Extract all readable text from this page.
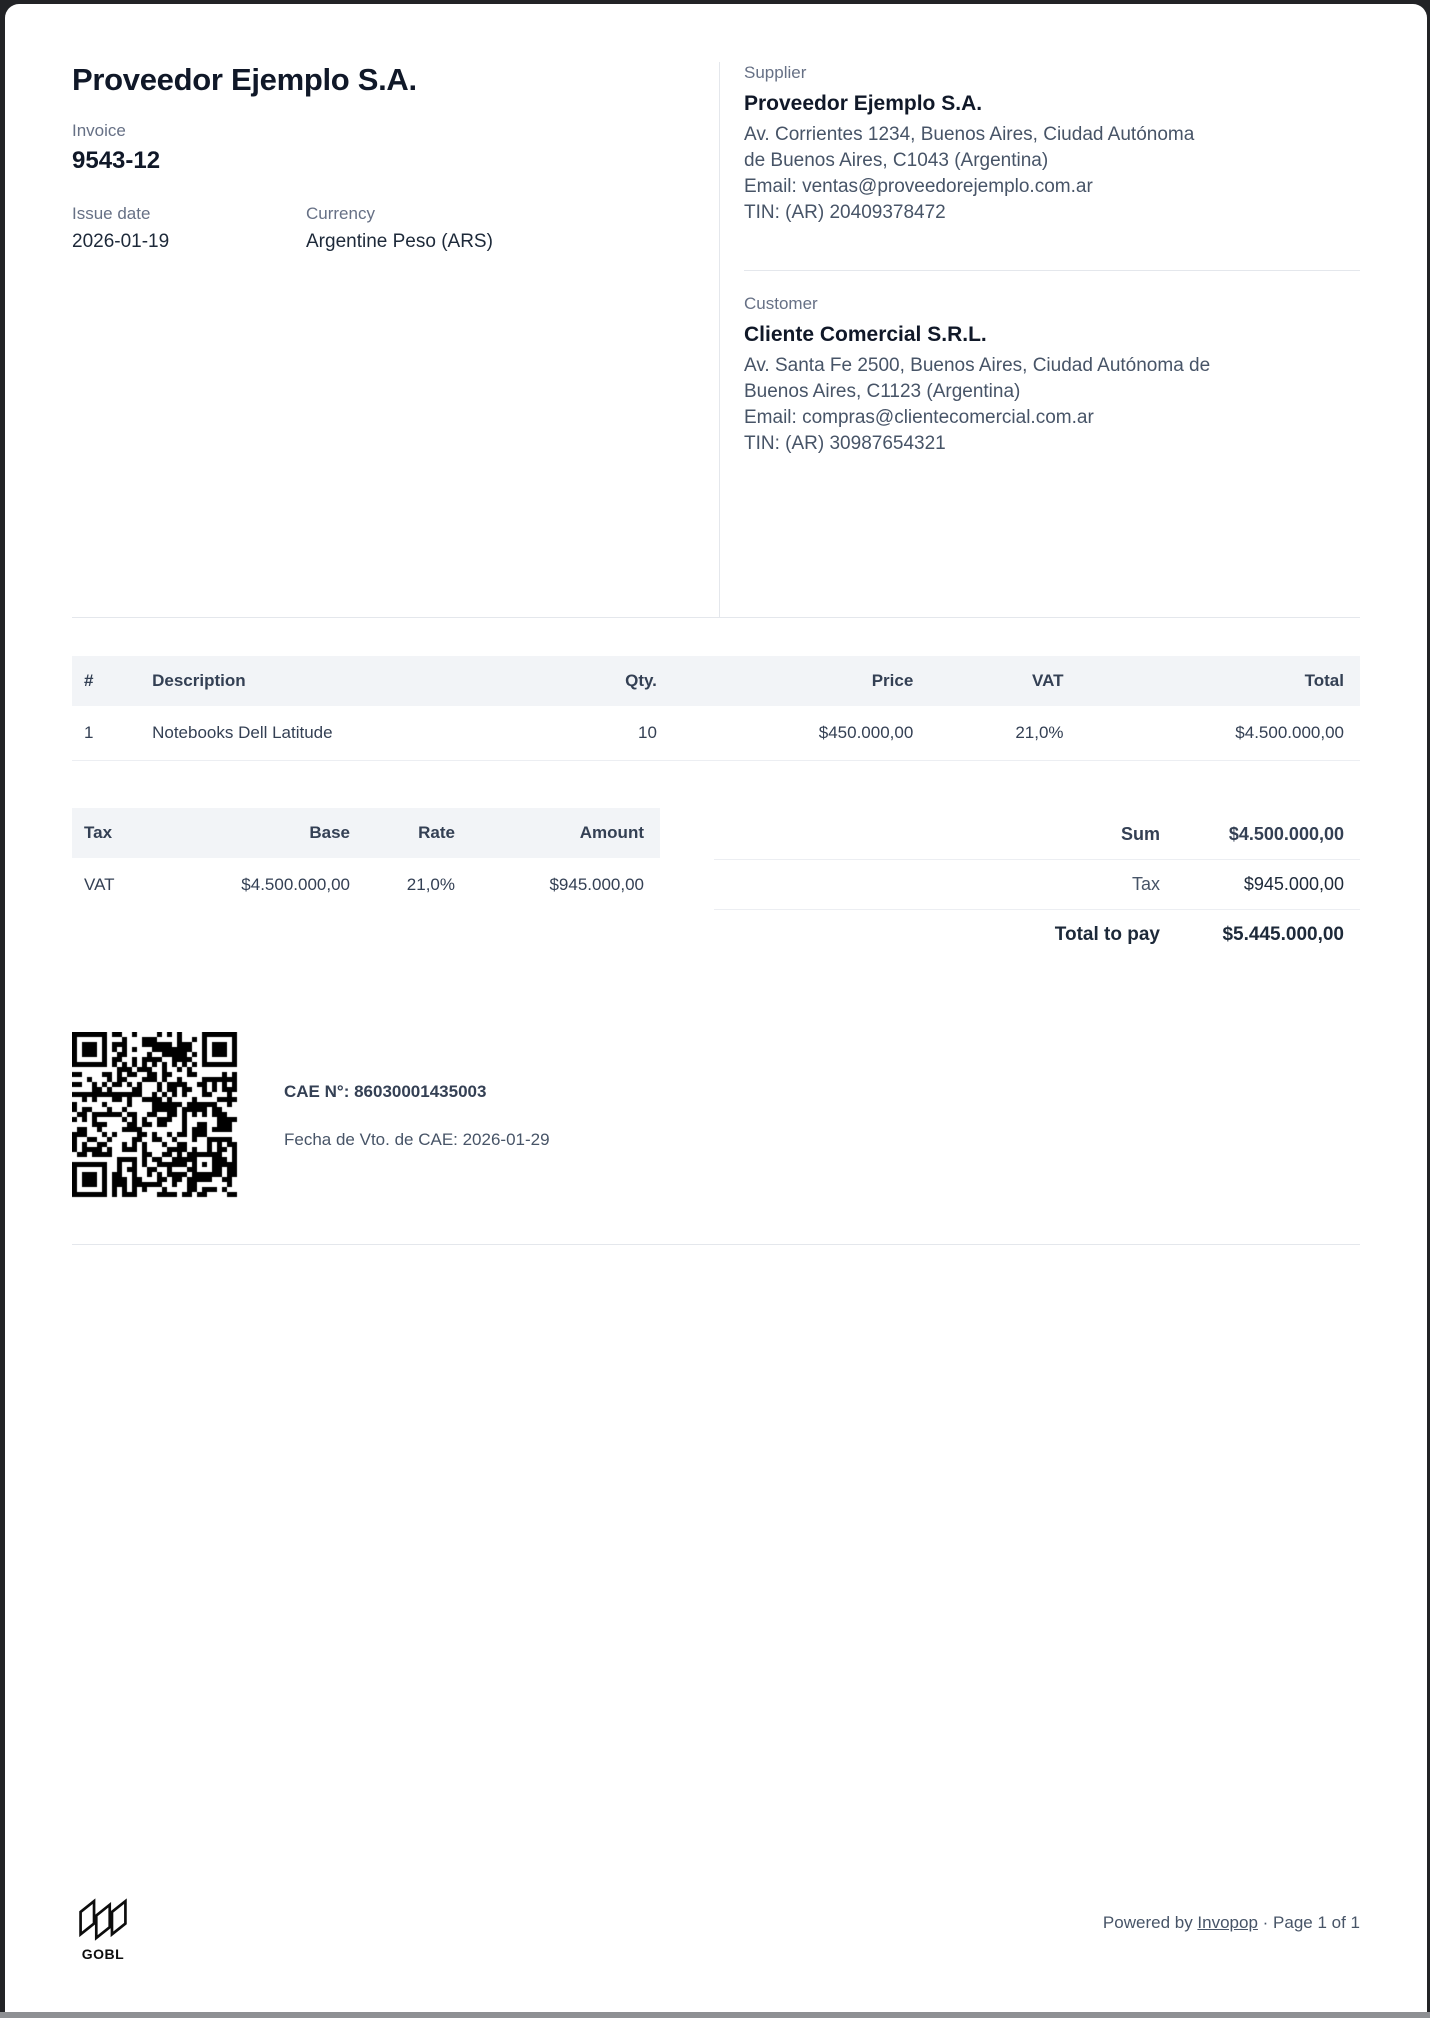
Proveedor Ejemplo S.A.
Invoice
9543-12
Issue date
2026-01-19
Currency
Argentine Peso (ARS)
Supplier
Proveedor Ejemplo S.A.
Av. Corrientes 1234, Buenos Aires, Ciudad Autónoma
de Buenos Aires, C1043 (Argentina)
Email: ventas@proveedorejemplo.com.ar
TIN: (AR) 20409378472
Customer
Cliente Comercial S.R.L.
Av. Santa Fe 2500, Buenos Aires, Ciudad Autónoma de
Buenos Aires, C1123 (Argentina)
Email: compras@clientecomercial.com.ar
TIN: (AR) 30987654321
#	Description	Qty.	Price	VAT	Total
1	Notebooks Dell Latitude	10	$450.000,00	21,0%	$4.500.000,00
Tax	Base	Rate	Amount
VAT	$4.500.000,00	21,0%	$945.000,00
Sum	$4.500.000,00
Tax	$945.000,00
Total to pay	$5.445.000,00
CAE N°: 86030001435003
Fecha de Vto. de CAE: 2026-01-29
GOBL
Powered by Invopop · Page 1 of 1
